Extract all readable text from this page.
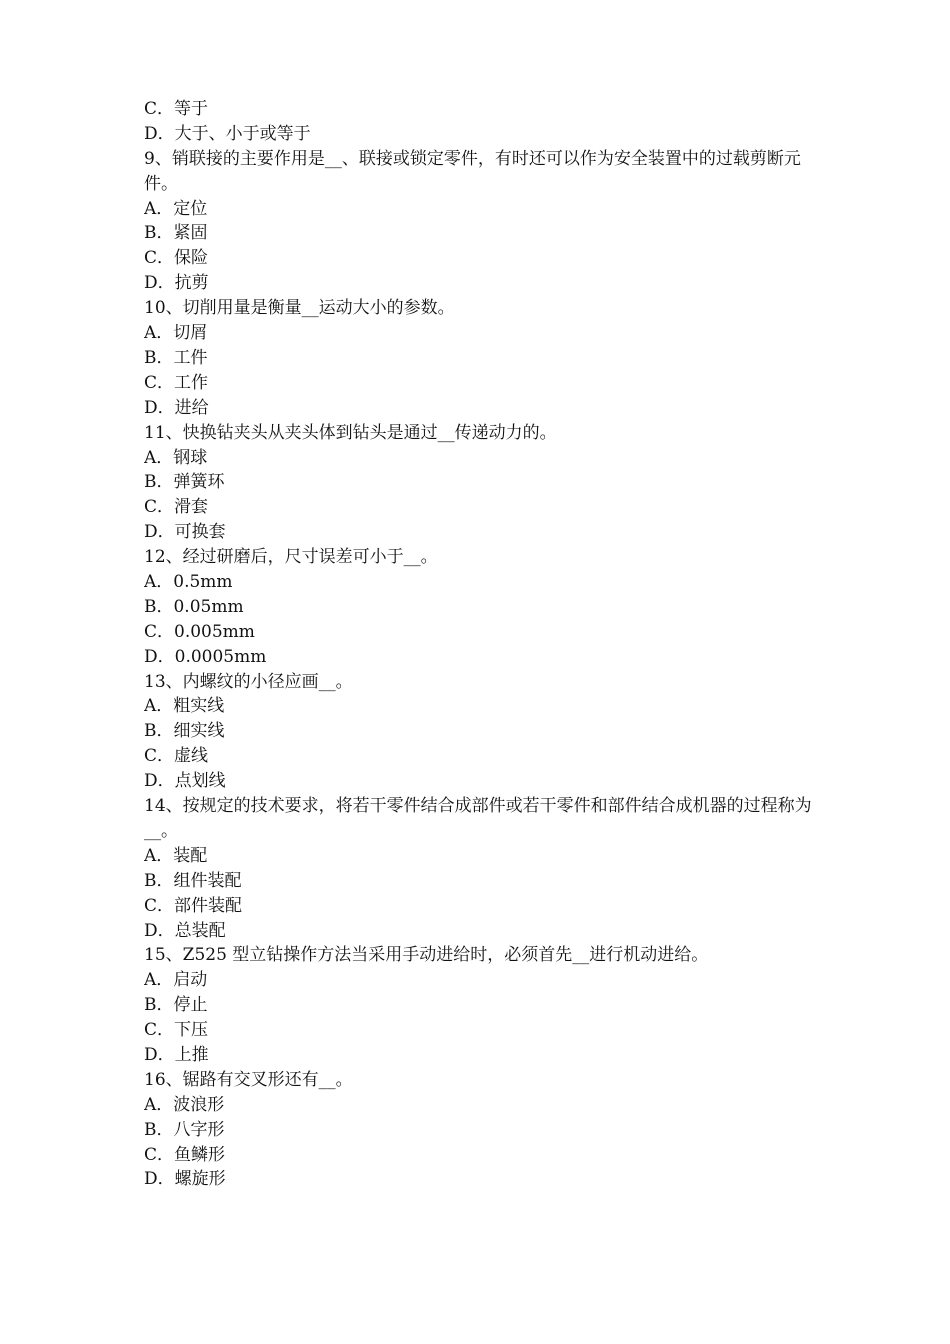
C．等于
D．大于、小于或等于
9、销联接的主要作用是__、联接或锁定零件，有时还可以作为安全装置中的过载剪断元件。
A．定位
B．紧固
C．保险
D．抗剪
10、切削用量是衡量__运动大小的参数。
A．切屑
B．工件
C．工作
D．进给
11、快换钻夹头从夹头体到钻头是通过__传递动力的。
A．钢球
B．弹簧环
C．滑套
D．可换套
12、经过研磨后，尺寸误差可小于__。
A．0.5mm
B．0.05mm
C．0.005mm
D．0.0005mm
13、内螺纹的小径应画__。
A．粗实线
B．细实线
C．虚线
D．点划线
14、按规定的技术要求，将若干零件结合成部件或若干零件和部件结合成机器的过程称为__。
A．装配
B．组件装配
C．部件装配
D．总装配
15、Z525 型立钻操作方法当采用手动进给时，必须首先__进行机动进给。
A．启动
B．停止
C．下压
D．上推
16、锯路有交叉形还有__。
A．波浪形
B．八字形
C．鱼鳞形
D．螺旋形
